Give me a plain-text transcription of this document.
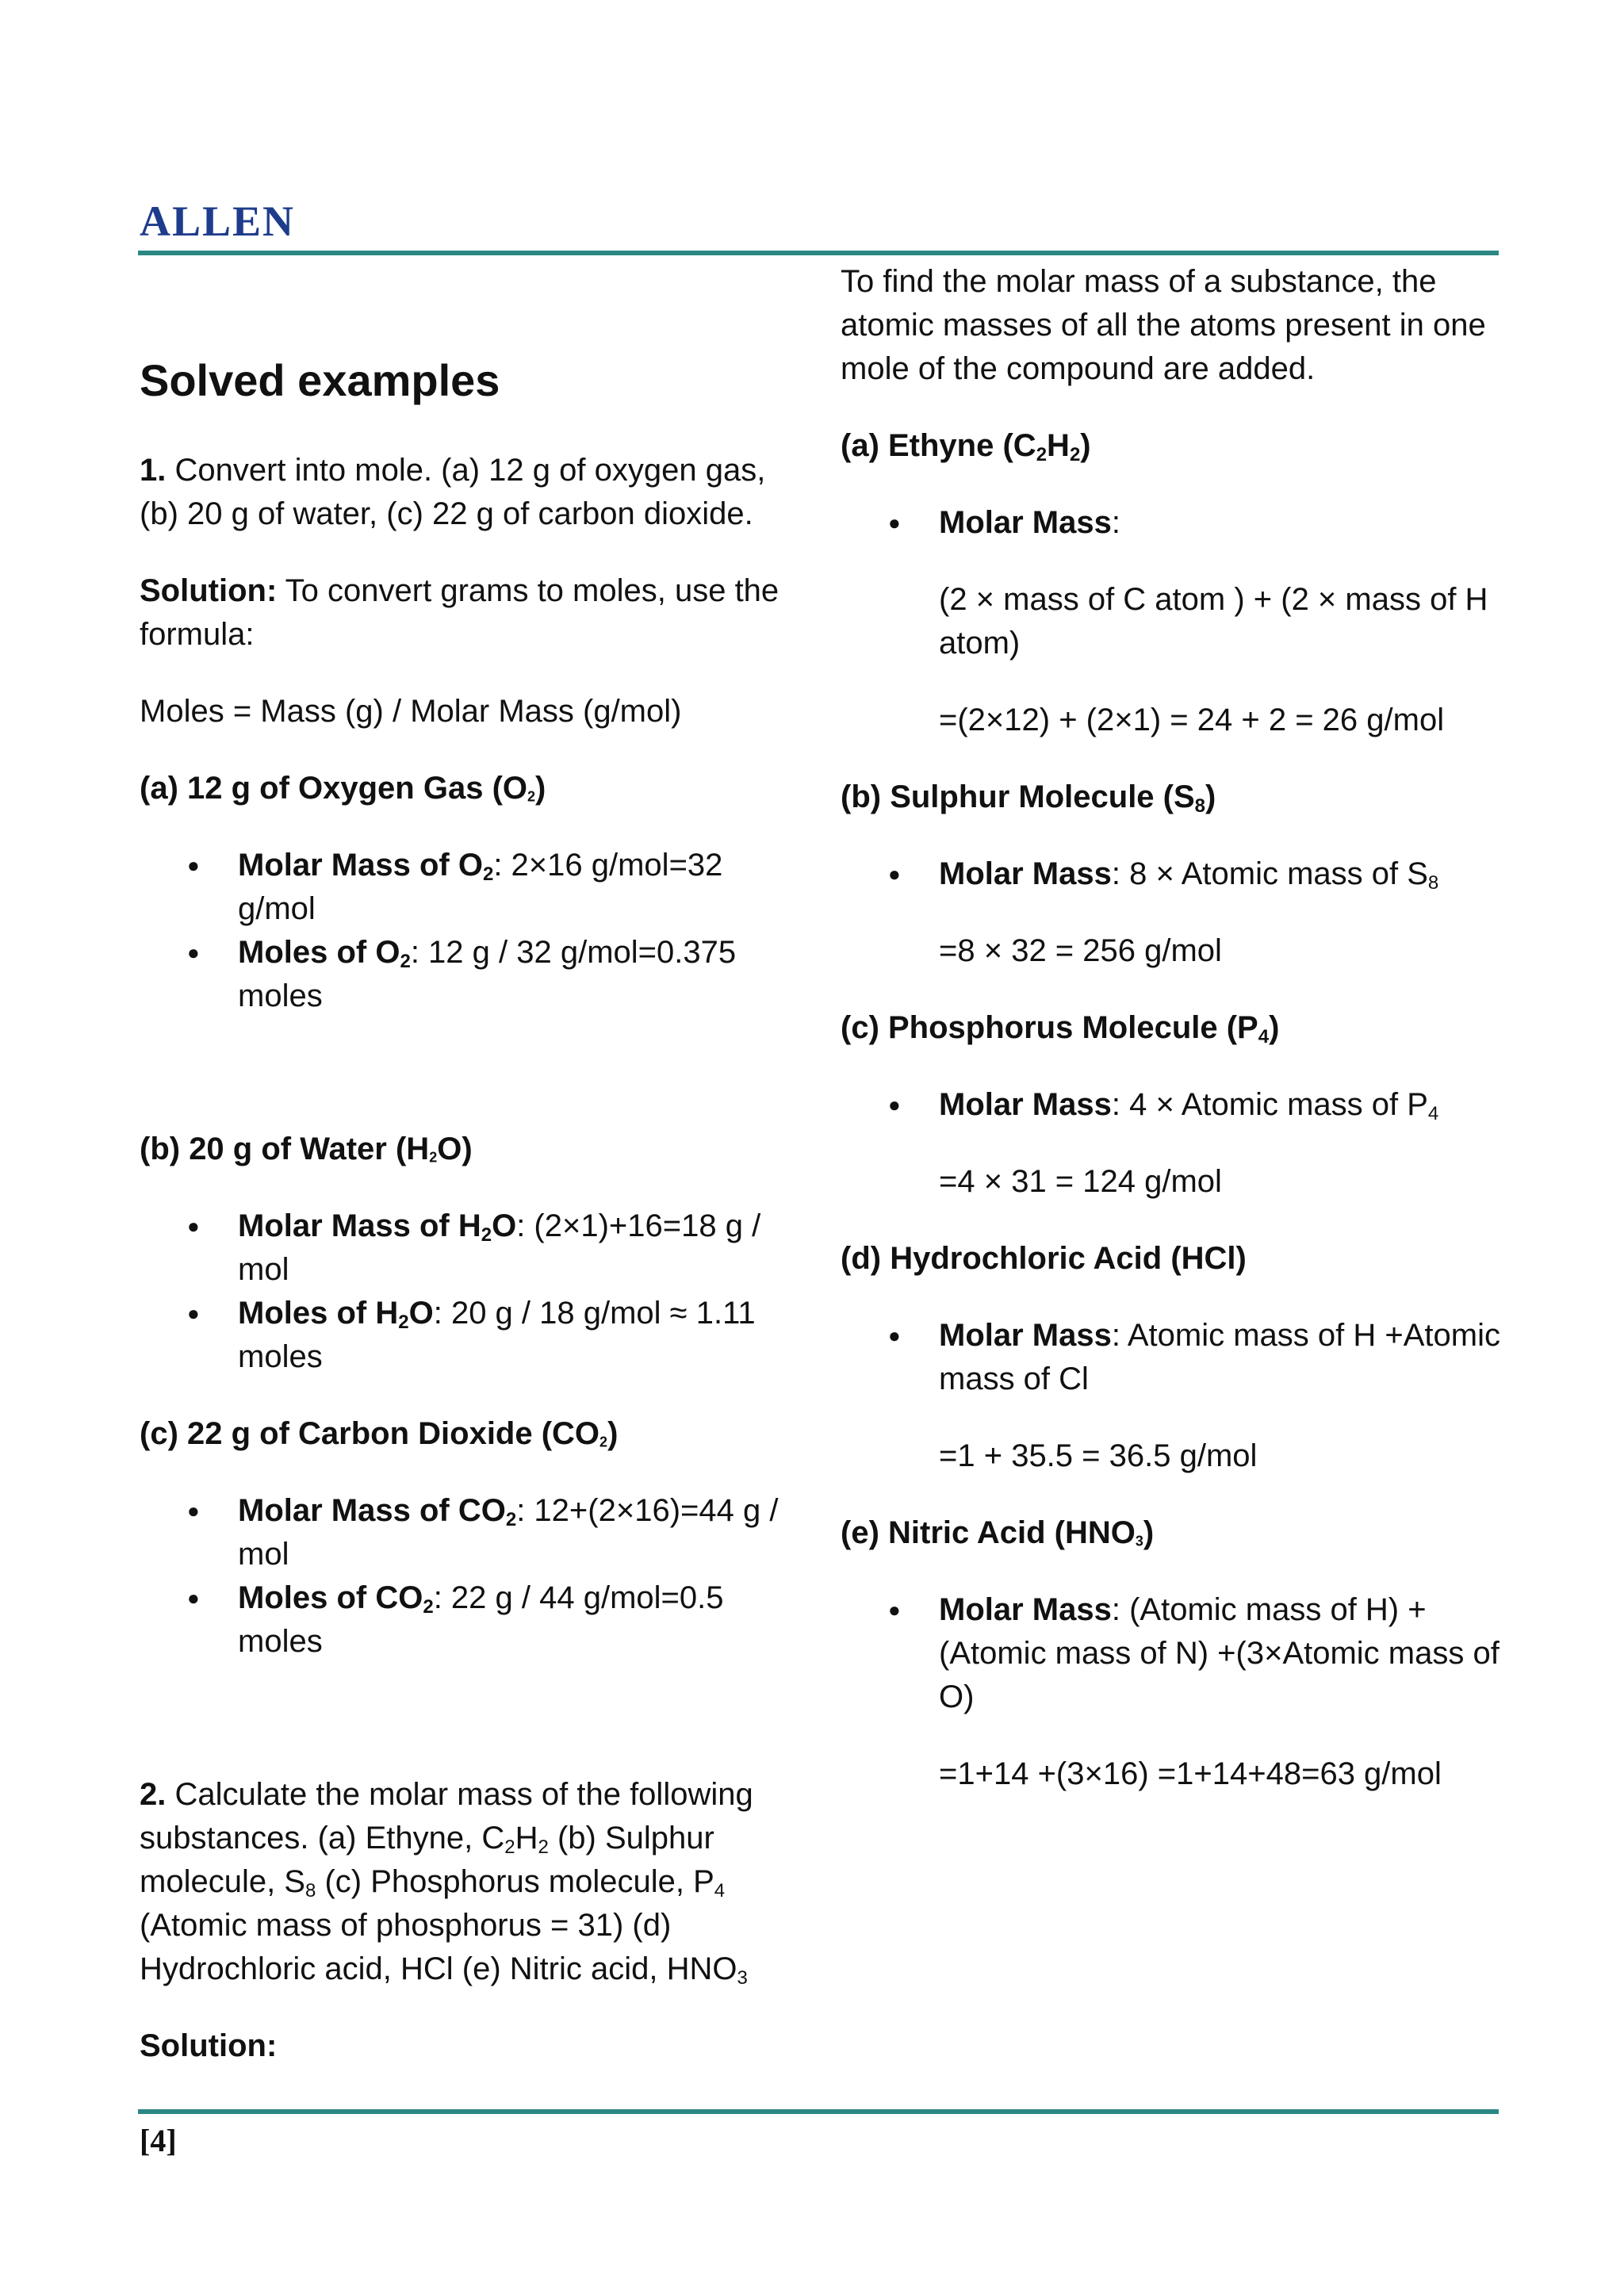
ALLEN
Solved examples

1. Convert into mole. (a) 12 g of oxygen gas, (b) 20 g of water, (c) 22 g of carbon dioxide.

Solution: To convert grams to moles, use the formula:

Moles = Mass (g) / Molar Mass (g/mol)

(a) 12 g of Oxygen Gas (O2)

● Molar Mass of $O_2$: 2×16 g/mol=32 g/mol
● Moles of $O_2$: 12 g / 32 g/mol=0.375 moles

(b) 20 g of Water (H2O)

● Molar Mass of $H_2O$: (2×1)+16=18 g / mol
● Moles of $H_2O$: 20 g / 18 g/mol ≈ 1.11 moles

(c) 22 g of Carbon Dioxide (CO2)

● Molar Mass of $CO_2$: 12+(2×16)=44 g / mol
● Moles of $CO_2$: 22 g / 44 g/mol=0.5 moles

2. Calculate the molar mass of the following substances. (a) Ethyne, $C_2H_2$ (b) Sulphur molecule, $S_8$ (c) Phosphorus molecule, $P_4$ (Atomic mass of phosphorus = 31) (d) Hydrochloric acid, HCl (e) Nitric acid, $HNO_3$

Solution:

To find the molar mass of a substance, the atomic masses of all the atoms present in one mole of the compound are added.

(a) Ethyne $(C_2H_2)$

● Molar Mass:

(2 × mass of C atom ) + (2 × mass of H atom)

=(2×12) + (2×1) = 24 + 2 = 26 g/mol

(b) Sulphur Molecule $(S_8)$

● Molar Mass: 8 × Atomic mass of $S_8$

=8 × 32 = 256 g/mol

(c) Phosphorus Molecule $(P_4)$

● Molar Mass: 4 × Atomic mass of $P_4$

=4 × 31 = 124 g/mol

(d) Hydrochloric Acid (HCl)

● Molar Mass: Atomic mass of H +Atomic mass of Cl

=1 + 35.5 = 36.5 g/mol

(e) Nitric Acid (HNO3)

● Molar Mass: (Atomic mass of H) + (Atomic mass of N) +(3×Atomic mass of O)

=1+14 +(3×16) =1+14+48=63 g/mol

[4]
